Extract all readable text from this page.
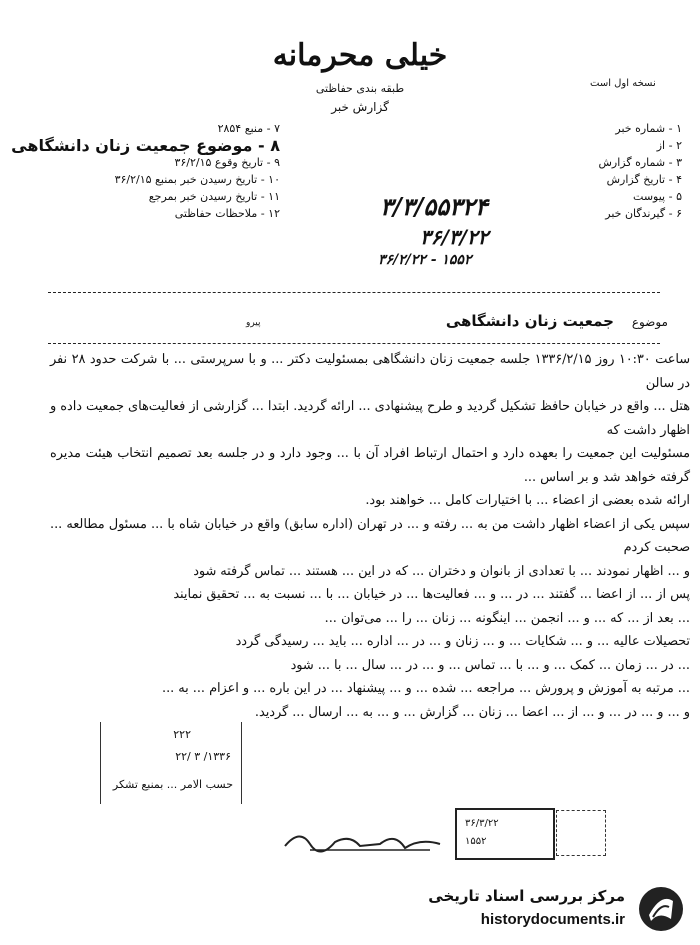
نسخه اول است
خیلی محرمانه
طبقه بندی حفاظتی
گزارش خبر
۱ - شماره خبر
۲ - از
۳ - شماره گزارش
۴ - تاریخ گزارش
۵ - پیوست
۶ - گیرندگان خبر
۷ - منبع ۲۸۵۴
۸ - موضوع جمعیت زنان دانشگاهی
۹ - تاریخ وقوع ۳۶/۲/۱۵
۱۰ - تاریخ رسیدن خبر بمنبع ۳۶/۲/۱۵
۱۱ - تاریخ رسیدن خبر بمرجع
۱۲ - ملاحظات حفاظتی	۳/۳/۵۵۳۲۴
۳۶/۳/۲۲
۱۵۵۲ - ۳۶/۲/۲۲
پیرو	موضوع جمعیت زنان دانشگاهی

ساعت ۱۰:۳۰ روز ۱۳۳۶/۲/۱۵ جلسه جمعیت زنان دانشگاهی بمسئولیت دکتر ... و با سرپرستی ... با شرکت حدود ۲۸ نفر در سالن

هتل ... واقع در خیابان حافظ تشکیل گردید و طرح پیشنهادی ... ارائه گردید. ابتدا ... گزارشی از فعالیت‌های جمعیت داده و اظهار داشت که

مسئولیت این جمعیت را بعهده دارد و احتمال ارتباط افراد آن با ... وجود دارد و در جلسه بعد تصمیم انتخاب هیئت مدیره گرفته خواهد شد و بر اساس ...

ارائه شده بعضی از اعضاء ... با اختیارات کامل ... خواهند بود.

سپس یکی از اعضاء اظهار داشت من به ... رفته و ... در تهران (اداره سابق) واقع در خیابان شاه با ... مسئول مطالعه ... صحبت کردم

و ... اظهار نمودند ... با تعدادی از بانوان و دختران ... که در این ... هستند ... تماس گرفته شود

پس از ... از اعضا ... گفتند ... در ... و ... فعالیت‌ها ... در خیابان ... با ... نسبت به ... تحقیق نمایند

... بعد از ... که ... و ... انجمن ... اینگونه ... زنان ... را ... می‌توان ...

تحصیلات عالیه ... و ... شکایات ... و ... زنان و ... در ... اداره ... باید ... رسیدگی گردد

... در ... زمان ... کمک ... و ... با ... تماس ... و ... در ... سال ... با ... شود

... مرتبه به آموزش و پرورش ... مراجعه ... شده ... و ... پیشنهاد ... در این باره ... و اعزام ... به ...

و ... و ... در ... و ... از ... اعضا ... زنان ... گزارش ... و ... به ... ارسال ... گردید.

۲۲۲
۲۲/ ۳ /۱۳۳۶
حسب الامر ... بمنبع تشکر
۳۶/۳/۲۲
۱۵۵۲
مرکز بررسی اسناد تاریخی
historydocuments.ir
